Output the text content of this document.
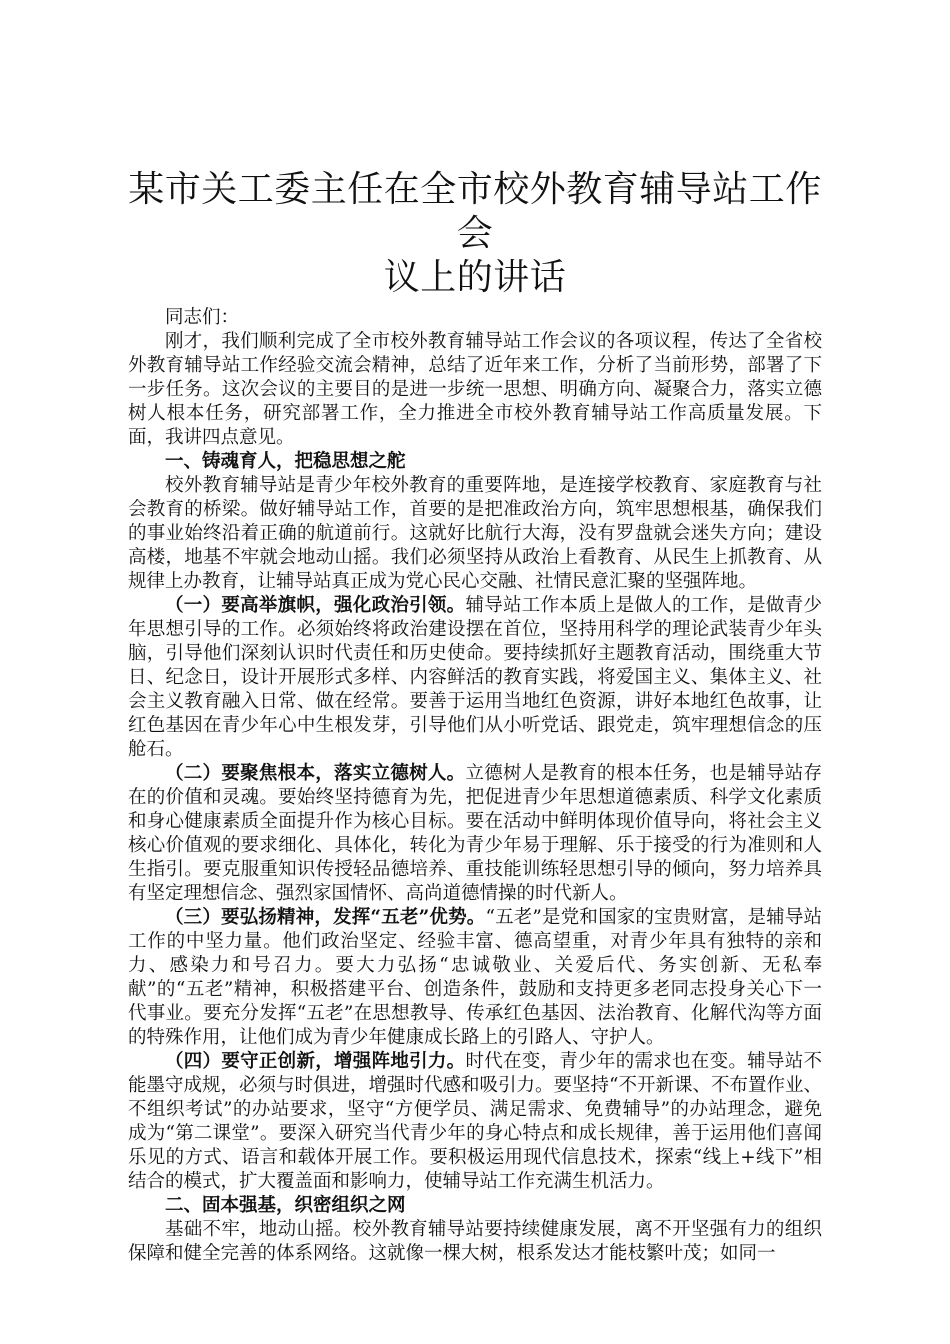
某市关工委主任在全市校外教育辅导站工作会
议上的讲话

同志们：

刚才，我们顺利完成了全市校外教育辅导站工作会议的各项议程，传达了全省校外教育辅导站工作经验交流会精神，总结了近年来工作，分析了当前形势，部署了下一步任务。这次会议的主要目的是进一步统一思想、明确方向、凝聚合力，落实立德树人根本任务，研究部署工作，全力推进全市校外教育辅导站工作高质量发展。下面，我讲四点意见。

一、铸魂育人，把稳思想之舵

校外教育辅导站是青少年校外教育的重要阵地，是连接学校教育、家庭教育与社会教育的桥梁。做好辅导站工作，首要的是把准政治方向，筑牢思想根基，确保我们的事业始终沿着正确的航道前行。这就好比航行大海，没有罗盘就会迷失方向；建设高楼，地基不牢就会地动山摇。我们必须坚持从政治上看教育、从民生上抓教育、从规律上办教育，让辅导站真正成为党心民心交融、社情民意汇聚的坚强阵地。

（一）要高举旗帜，强化政治引领。辅导站工作本质上是做人的工作，是做青少年思想引导的工作。必须始终将政治建设摆在首位，坚持用科学的理论武装青少年头脑，引导他们深刻认识时代责任和历史使命。要持续抓好主题教育活动，围绕重大节日、纪念日，设计开展形式多样、内容鲜活的教育实践，将爱国主义、集体主义、社会主义教育融入日常、做在经常。要善于运用当地红色资源，讲好本地红色故事，让红色基因在青少年心中生根发芽，引导他们从小听党话、跟党走，筑牢理想信念的压舱石。

（二）要聚焦根本，落实立德树人。立德树人是教育的根本任务，也是辅导站存在的价值和灵魂。要始终坚持德育为先，把促进青少年思想道德素质、科学文化素质和身心健康素质全面提升作为核心目标。要在活动中鲜明体现价值导向，将社会主义核心价值观的要求细化、具体化，转化为青少年易于理解、乐于接受的行为准则和人生指引。要克服重知识传授轻品德培养、重技能训练轻思想引导的倾向，努力培养具有坚定理想信念、强烈家国情怀、高尚道德情操的时代新人。

（三）要弘扬精神，发挥“五老”优势。“五老”是党和国家的宝贵财富，是辅导站工作的中坚力量。他们政治坚定、经验丰富、德高望重，对青少年具有独特的亲和力、感染力和号召力。要大力弘扬“忠诚敬业、关爱后代、务实创新、无私奉献”的“五老”精神，积极搭建平台、创造条件，鼓励和支持更多老同志投身关心下一代事业。要充分发挥“五老”在思想教导、传承红色基因、法治教育、化解代沟等方面的特殊作用，让他们成为青少年健康成长路上的引路人、守护人。

（四）要守正创新，增强阵地引力。时代在变，青少年的需求也在变。辅导站不能墨守成规，必须与时俱进，增强时代感和吸引力。要坚持“不开新课、不布置作业、不组织考试”的办站要求，坚守“方便学员、满足需求、免费辅导”的办站理念，避免成为“第二课堂”。要深入研究当代青少年的身心特点和成长规律，善于运用他们喜闻乐见的方式、语言和载体开展工作。要积极运用现代信息技术，探索“线上+线下”相结合的模式，扩大覆盖面和影响力，使辅导站工作充满生机活力。

二、固本强基，织密组织之网

基础不牢，地动山摇。校外教育辅导站要持续健康发展，离不开坚强有力的组织保障和健全完善的体系网络。这就像一棵大树，根系发达才能枝繁叶茂；如同一
